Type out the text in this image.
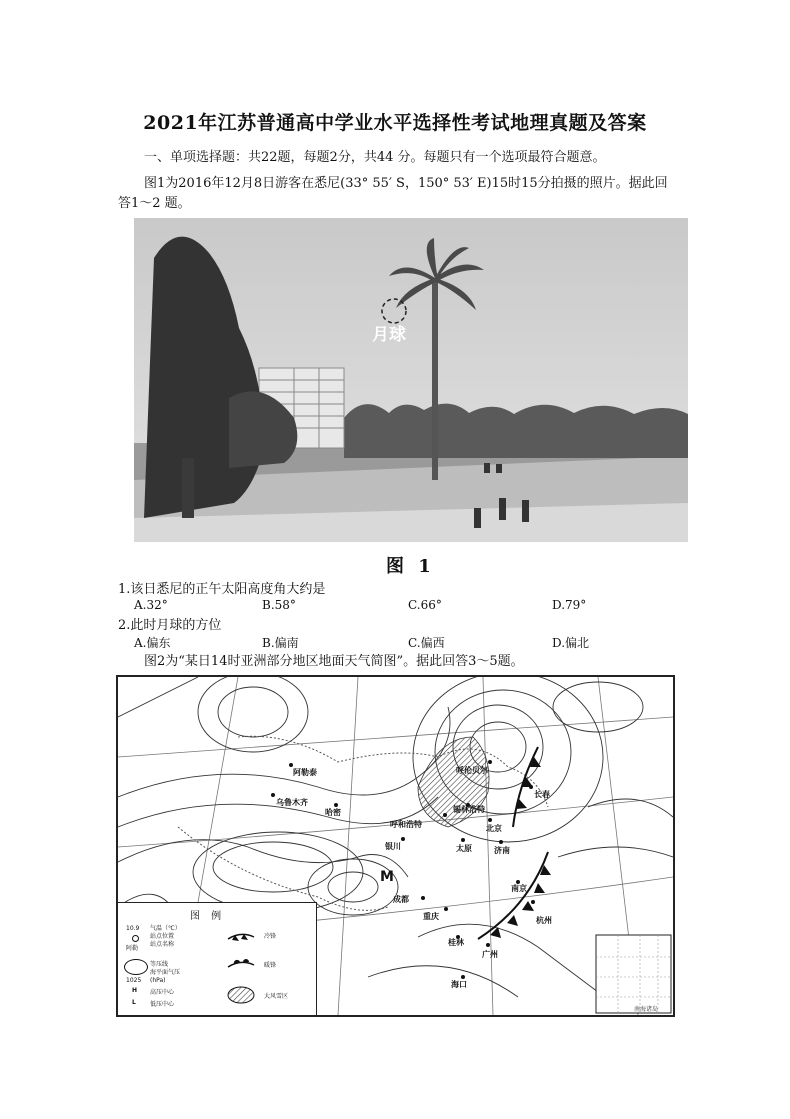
2021年江苏普通高中学业水平选择性考试地理真题及答案
一、单项选择题：共22题，每题2分，共44 分。每题只有一个选项最符合题意。
图1为2016年12月8日游客在悉尼(33° 55′ S，150° 53′ E)15时15分拍摄的照片。据此回答1～2 题。
月球
图 1
1.该日悉尼的正午太阳高度角大约是
A.32°	B.58°	C.66°	D.79°
2.此时月球的方位
A.偏东	B.偏南	C.偏西	D.偏北
图2为“某日14时亚洲部分地区地面天气简图”。据此回答3～5题。
M
阿勒泰
乌鲁木齐
哈密
呼伦贝尔
长春
锡林浩特
呼和浩特	北京
银川	太原	济南
成都
重庆
南京
杭州
桂林
广州
海口
南海诸岛
图 例
10.9
阿勒
气温（℃）
站点位置
站点名称
1025
等压线
海平面气压
(hPa)
H 高压中心
L 低压中心
冷锋
暖锋
大风雪区
